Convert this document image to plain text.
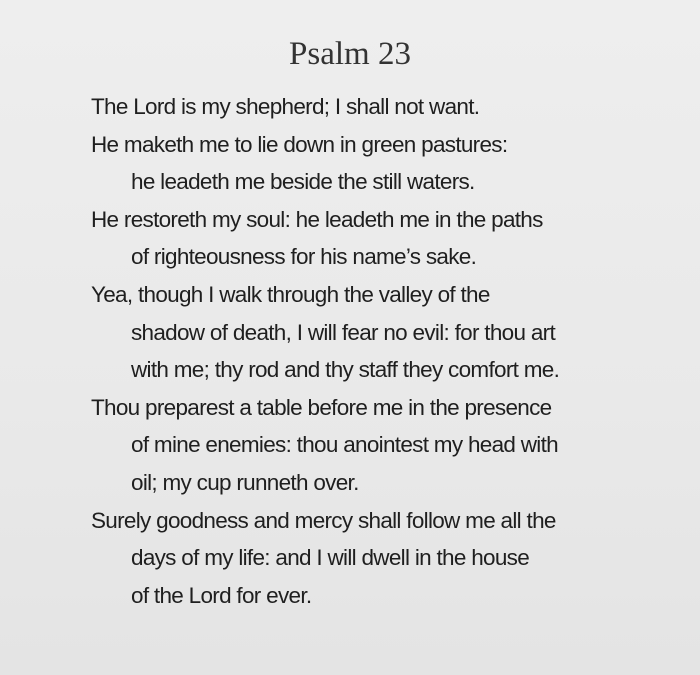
Psalm 23

The Lord is my shepherd; I shall not want.

He maketh me to lie down in green pastures:

he leadeth me beside the still waters.

He restoreth my soul: he leadeth me in the paths

of righteousness for his name’s sake.

Yea, though I walk through the valley of the

shadow of death, I will fear no evil: for thou art

with me; thy rod and thy staff they comfort me.

Thou preparest a table before me in the presence

of mine enemies: thou anointest my head with

oil; my cup runneth over.

Surely goodness and mercy shall follow me all the

days of my life: and I will dwell in the house

of the Lord for ever.
